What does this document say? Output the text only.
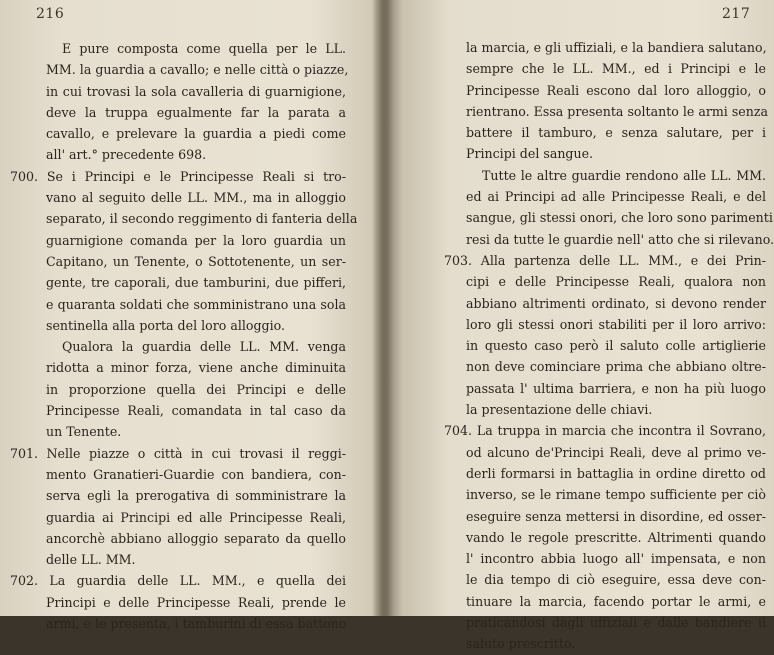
216
E pure composta come quella per le LL.
MM. la guardia a cavallo; e nelle città o piazze,
in cui trovasi la sola cavalleria di guarnigione,
deve la truppa egualmente far la parata a
cavallo, e prelevare la guardia a piedi come
all' art.° precedente 698.
700. Se i Principi e le Principesse Reali si tro-
vano al seguito delle LL. MM., ma in alloggio
separato, il secondo reggimento di fanteria della
guarnigione comanda per la loro guardia un
Capitano, un Tenente, o Sottotenente, un ser-
gente, tre caporali, due tamburini, due pifferi,
e quaranta soldati che somministrano una sola
sentinella alla porta del loro alloggio.
Qualora la guardia delle LL. MM. venga
ridotta a minor forza, viene anche diminuita
in proporzione quella dei Principi e delle
Principesse Reali, comandata in tal caso da
un Tenente.
701. Nelle piazze o città in cui trovasi il reggi-
mento Granatieri-Guardie con bandiera, con-
serva egli la prerogativa di somministrare la
guardia ai Principi ed alle Principesse Reali,
ancorchè abbiano alloggio separato da quello
delle LL. MM.
702. La guardia delle LL. MM., e quella dei
Principi e delle Principesse Reali, prende le
armi, e le presenta, i tamburini di essa battono
217
la marcia, e gli uffiziali, e la bandiera salutano,
sempre che le LL. MM., ed i Principi e le
Principesse Reali escono dal loro alloggio, o
rientrano. Essa presenta soltanto le armi senza
battere il tamburo, e senza salutare, per i
Principi del sangue.
Tutte le altre guardie rendono alle LL. MM.
ed ai Principi ad alle Principesse Reali, e del
sangue, gli stessi onori, che loro sono parimenti
resi da tutte le guardie nell' atto che si rilevano.
703. Alla partenza delle LL. MM., e dei Prin-
cipi e delle Principesse Reali, qualora non
abbiano altrimenti ordinato, si devono render
loro gli stessi onori stabiliti per il loro arrivo:
in questo caso però il saluto colle artiglierie
non deve cominciare prima che abbiano oltre-
passatа l' ultima barriera, e non ha più luogo
la presentazione delle chiavi.
704. La truppa in marcia che incontra il Sovrano,
od alcuno de'Principi Reali, deve al primo ve-
derli formarsi in battaglia in ordine diretto od
inverso, se le rimane tempo sufficiente per ciò
eseguire senza mettersi in disordine, ed osser-
vando le regole prescritte. Altrimenti quando
l' incontro abbia luogo all' impensata, e non
le dia tempo di ciò eseguire, essa deve con-
tinuare la marcia, facendo portar le armi, e
praticandosi dagli uffiziali e dalle bandiere il
saluto prescritto.
